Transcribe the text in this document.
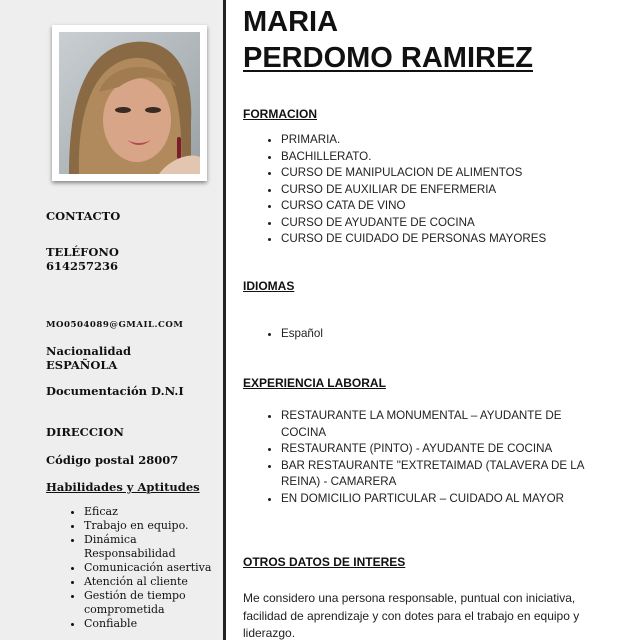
CONTACTO
TELÉFONO
614257236
MO0504089@GMAIL.COM
Nacionalidad
ESPAÑOLA
Documentación D.N.I
DIRECCION
Código postal 28007
Habilidades y Aptitudes
• Eficaz
• Trabajo en equipo.
• Dinámica Responsabilidad
• Comunicación asertiva
• Atención al cliente
• Gestión de tiempo comprometida
• Confiable
MARIA
PERDOMO RAMIREZ
FORMACION
• PRIMARIA.
• BACHILLERATO.
• CURSO DE MANIPULACION DE ALIMENTOS
• CURSO DE AUXILIAR DE ENFERMERIA
• CURSO CATA DE VINO
• CURSO DE AYUDANTE DE COCINA
• CURSO DE CUIDADO DE PERSONAS MAYORES
IDIOMAS
• Español
EXPERIENCIA LABORAL
• RESTAURANTE LA MONUMENTAL – AYUDANTE DE COCINA
• RESTAURANTE (PINTO) - AYUDANTE DE COCINA
• BAR RESTAURANTE "EXTRETAIMAD (TALAVERA DE LA REINA) - CAMARERA
• EN DOMICILIO PARTICULAR – CUIDADO AL MAYOR
OTROS DATOS DE INTERES

Me considero una persona responsable, puntual con iniciativa, facilidad de aprendizaje y con dotes para el trabajo en equipo y liderazgo.
